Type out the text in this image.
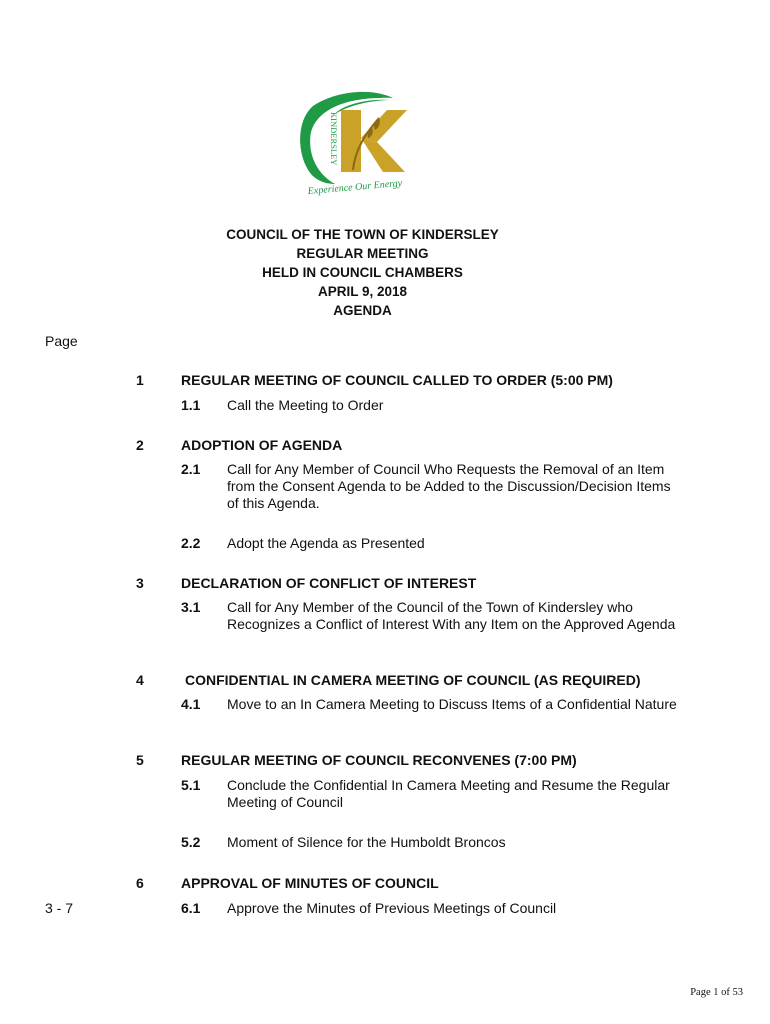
KINDERSLEY
Experience Our Energy
COUNCIL OF THE TOWN OF KINDERSLEY
REGULAR MEETING
HELD IN COUNCIL CHAMBERS
APRIL 9, 2018
AGENDA
Page
1	REGULAR MEETING OF COUNCIL CALLED TO ORDER (5:00 PM)
1.1 Call the Meeting to Order
2	ADOPTION OF AGENDA
2.1 Call for Any Member of Council Who Requests the Removal of an Item from the Consent Agenda to be Added to the Discussion/Decision Items of this Agenda.
2.2 Adopt the Agenda as Presented
3	DECLARATION OF CONFLICT OF INTEREST
3.1 Call for Any Member of the Council of the Town of Kindersley who Recognizes a Conflict of Interest With any Item on the Approved Agenda
4	CONFIDENTIAL IN CAMERA MEETING OF COUNCIL (AS REQUIRED)
4.1 Move to an In Camera Meeting to Discuss Items of a Confidential Nature
5	REGULAR MEETING OF COUNCIL RECONVENES (7:00 PM)
5.1 Conclude the Confidential In Camera Meeting and Resume the Regular Meeting of Council
5.2 Moment of Silence for the Humboldt Broncos
6	APPROVAL OF MINUTES OF COUNCIL
3 - 7	6.1 Approve the Minutes of Previous Meetings of Council
Page 1 of 53
